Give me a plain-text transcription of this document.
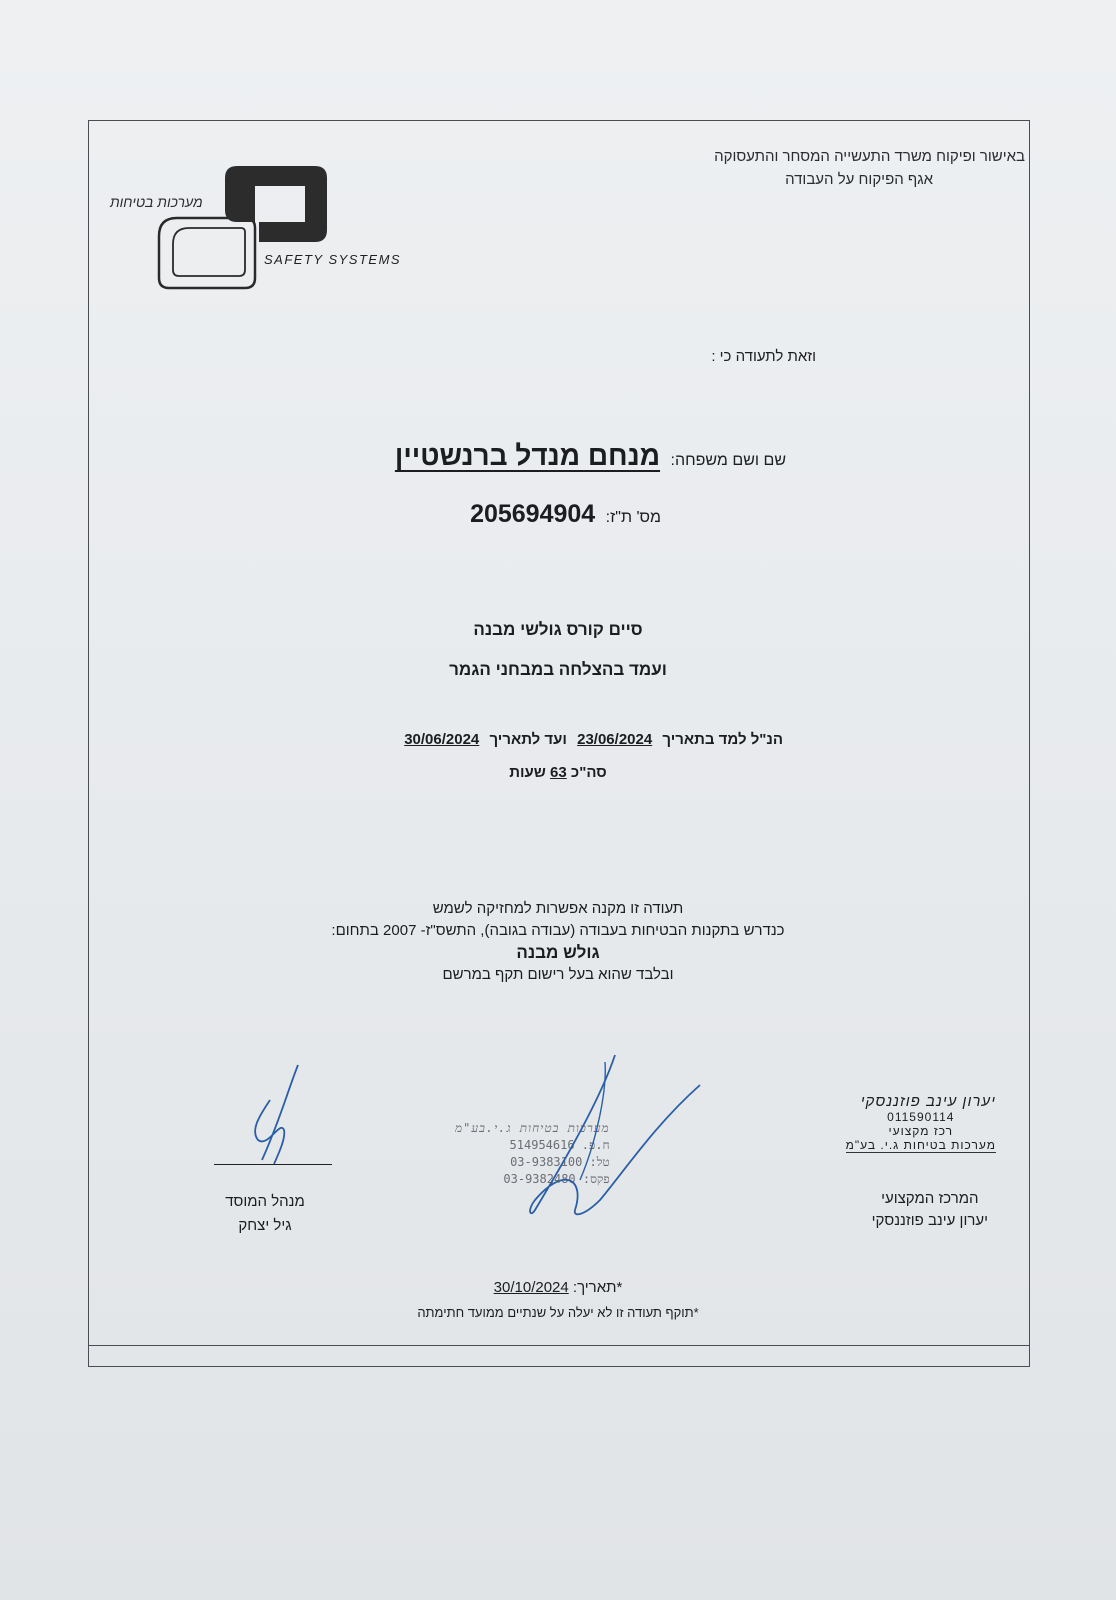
באישור ופיקוח משרד התעשייה המסחר והתעסוקה
אגף הפיקוח על העבודה
מערכות בטיחות
SAFETY SYSTEMS
וזאת לתעודה כי :
שם ושם משפחה: מנחם מנדל ברנשטיין
מס' ת"ז: 205694904
סיים קורס גולשי מבנה
ועמד בהצלחה במבחני הגמר
הנ"ל למד בתאריך 23/06/2024 ועד לתאריך 30/06/2024
סה"כ 63 שעות
תעודה זו מקנה אפשרות למחזיקה לשמש
כנדרש בתקנות הבטיחות בעבודה (עבודה בגובה), התשס"ז- 2007 בתחום:
גולש מבנה
ובלבד שהוא בעל רישום תקף במרשם
יערון עינב פוזננסקי
011590114
רכז מקצועי
מערכות בטיחות ג.י. בע"מ
המרכז המקצועי
יערון עינב פוזננסקי
מערכות בטיחות ג.י.בע"מ
ח.פ. 514954616
טל: 03-9383100
פקס: 03-9382480
מנהל המוסד
גיל יצחק
*תאריך: 30/10/2024
*תוקף תעודה זו לא יעלה על שנתיים ממועד חתימתה
